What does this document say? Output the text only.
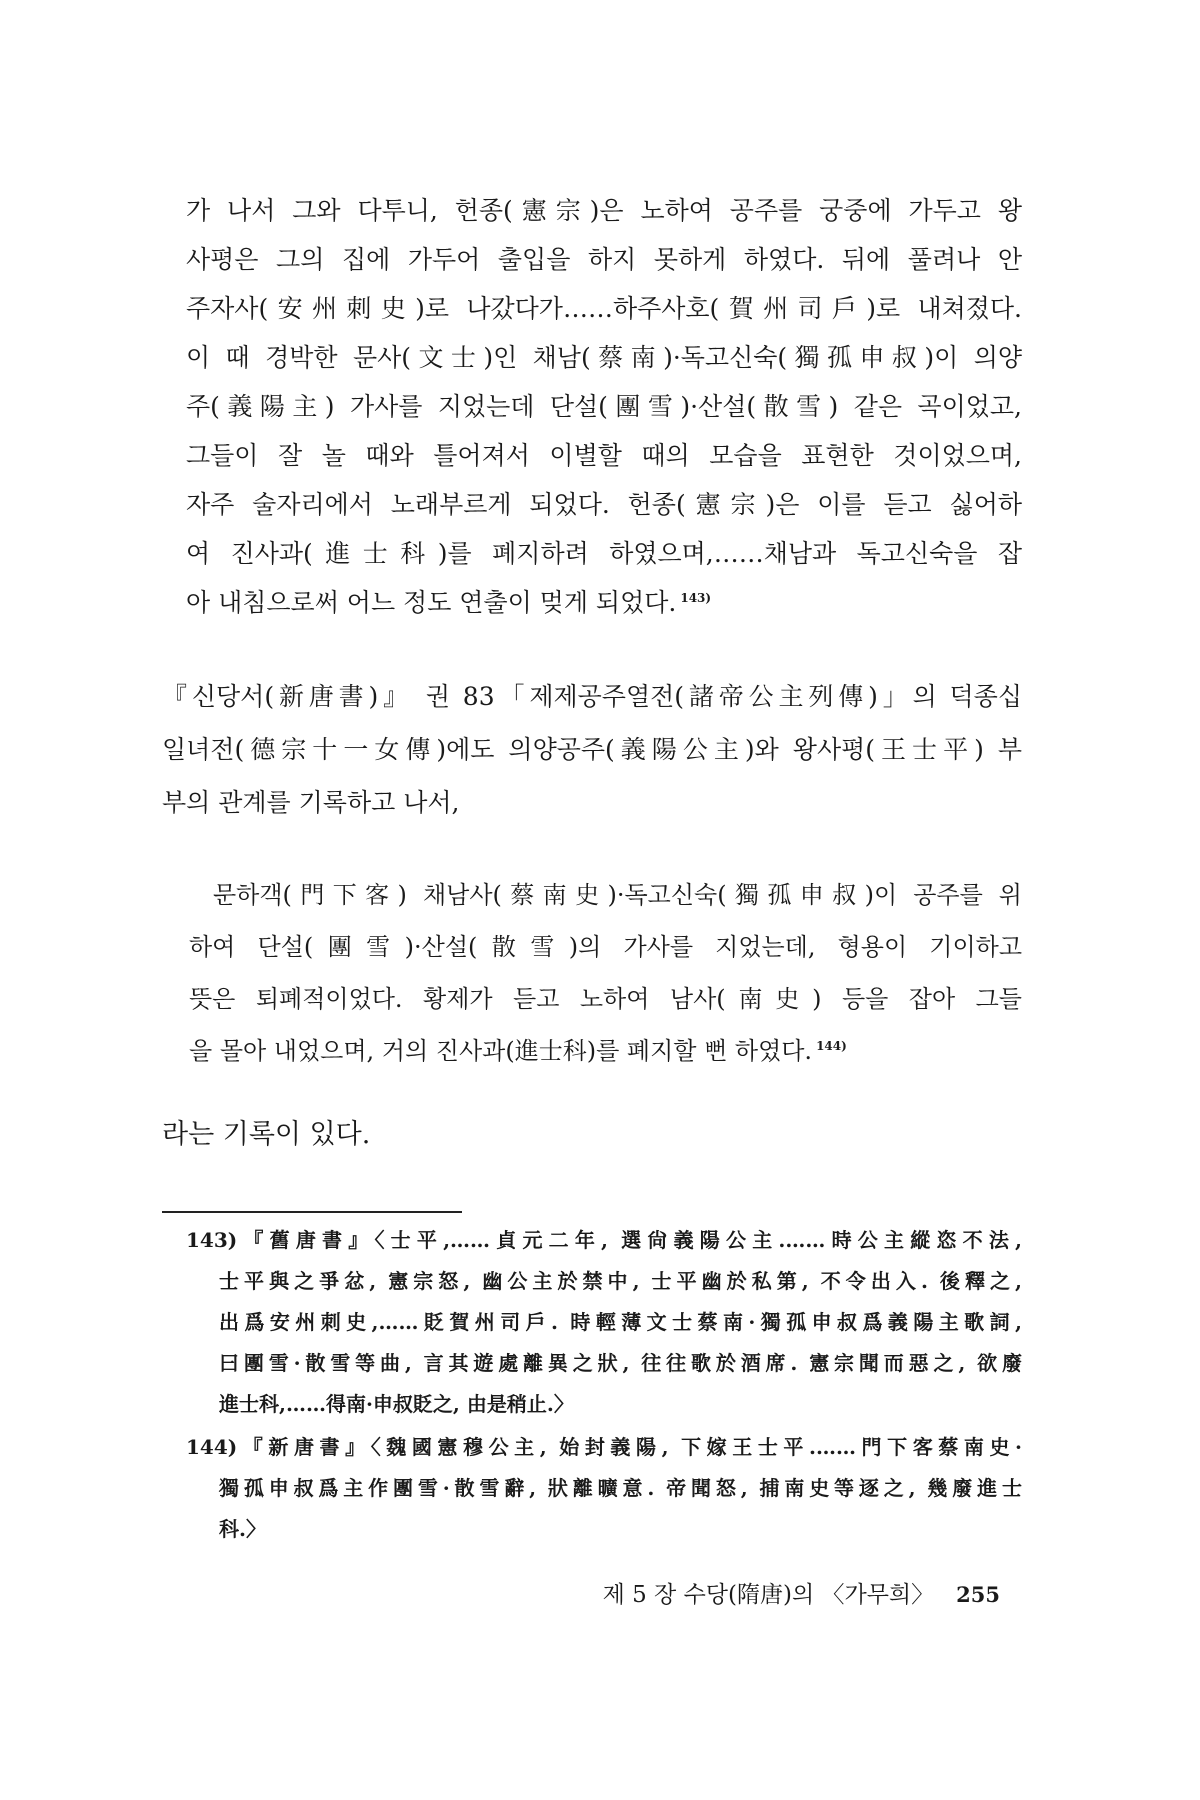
가 나서 그와 다투니, 헌종(憲宗)은 노하여 공주를 궁중에 가두고 왕
사평은 그의 집에 가두어 출입을 하지 못하게 하였다. 뒤에 풀려나 안
주자사(安州刺史)로 나갔다가……하주사호(賀州司戶)로 내쳐졌다.
이 때 경박한 문사(文士)인 채남(蔡南)·독고신숙(獨孤申叔)이 의양
주(義陽主) 가사를 지었는데 단설(團雪)·산설(散雪) 같은 곡이었고,
그들이 잘 놀 때와 틀어져서 이별할 때의 모습을 표현한 것이었으며,
자주 술자리에서 노래부르게 되었다. 헌종(憲宗)은 이를 듣고 싫어하
여 진사과(進士科)를 폐지하려 하였으며,……채남과 독고신숙을 잡
아 내침으로써 어느 정도 연출이 멎게 되었다. $^{143)}$
『신당서(新唐書)』 권 83「제제공주열전(諸帝公主列傳)」의 덕종십
일녀전(德宗十一女傳)에도 의양공주(義陽公主)와 왕사평(王士平) 부
부의 관계를 기록하고 나서,
문하객(門下客) 채남사(蔡南史)·독고신숙(獨孤申叔)이 공주를 위
하여 단설(團雪)·산설(散雪)의 가사를 지었는데, 형용이 기이하고
뜻은 퇴폐적이었다. 황제가 듣고 노하여 남사(南史) 등을 잡아 그들
을 몰아 내었으며, 거의 진사과(進士科)를 폐지할 뻔 하였다. $^{144)}$
라는 기록이 있다.
143)『舊唐書』〈士平,……貞元二年, 選尙義陽公主.……時公主縱恣不法,
士平與之爭忿, 憲宗怒, 幽公主於禁中, 士平幽於私第, 不令出入. 後釋之,
出爲安州刺史,……貶賀州司戶. 時輕薄文士蔡南·獨孤申叔爲義陽主歌詞,
曰團雪·散雪等曲, 言其遊處離異之狀, 往往歌於酒席. 憲宗聞而惡之, 欲廢
進士科,……得南·申叔貶之, 由是稍止.〉
144)『新唐書』〈魏國憲穆公主, 始封義陽, 下嫁王士平.……門下客蔡南史·
獨孤申叔爲主作團雪·散雪辭, 狀離曠意. 帝聞怒, 捕南史等逐之, 幾廢進士
科.〉
제 5 장 수당(隋唐)의 〈가무희〉 255
